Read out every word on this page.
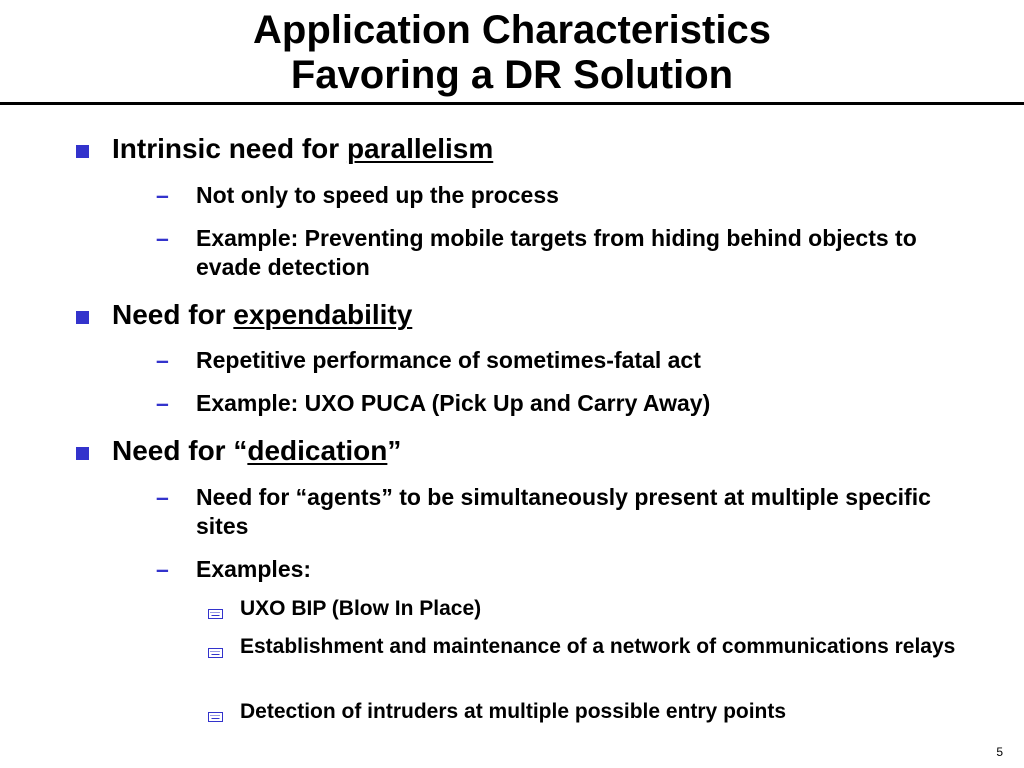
Application Characteristics
Favoring a DR Solution
Intrinsic need for parallelism
– Not only to speed up the process
– Example: Preventing mobile targets from hiding behind objects to evade detection
Need for expendability
– Repetitive performance of sometimes-fatal act
– Example: UXO PUCA (Pick Up and Carry Away)
Need for “dedication”
– Need for “agents” to be simultaneously present at multiple specific sites
– Examples:
UXO BIP (Blow In Place)
Establishment and maintenance of a network of communications relays
Detection of intruders at multiple possible entry points
5
